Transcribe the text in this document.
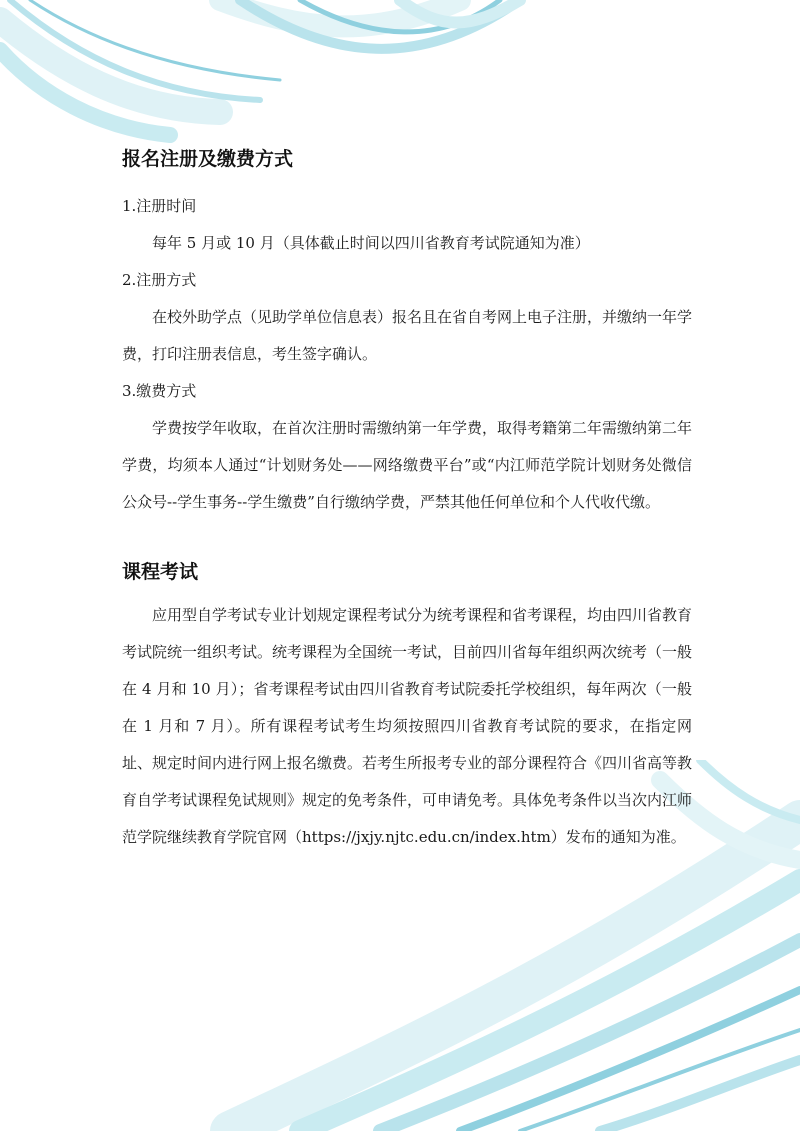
报名注册及缴费方式

1.注册时间

每年 5 月或 10 月（具体截止时间以四川省教育考试院通知为准）

2.注册方式

在校外助学点（见助学单位信息表）报名且在省自考网上电子注册，并缴纳一年学费，打印注册表信息，考生签字确认。

3.缴费方式

学费按学年收取，在首次注册时需缴纳第一年学费，取得考籍第二年需缴纳第二年学费，均须本人通过“计划财务处——网络缴费平台”或“内江师范学院计划财务处微信公众号--学生事务--学生缴费”自行缴纳学费，严禁其他任何单位和个人代收代缴。

课程考试

应用型自学考试专业计划规定课程考试分为统考课程和省考课程，均由四川省教育考试院统一组织考试。统考课程为全国统一考试，目前四川省每年组织两次统考（一般在 4 月和 10 月）；省考课程考试由四川省教育考试院委托学校组织，每年两次（一般在 1 月和 7 月）。所有课程考试考生均须按照四川省教育考试院的要求，在指定网址、规定时间内进行网上报名缴费。若考生所报考专业的部分课程符合《四川省高等教育自学考试课程免试规则》规定的免考条件，可申请免考。具体免考条件以当次内江师范学院继续教育学院官网（https://jxjy.njtc.edu.cn/index.htm）发布的通知为准。
